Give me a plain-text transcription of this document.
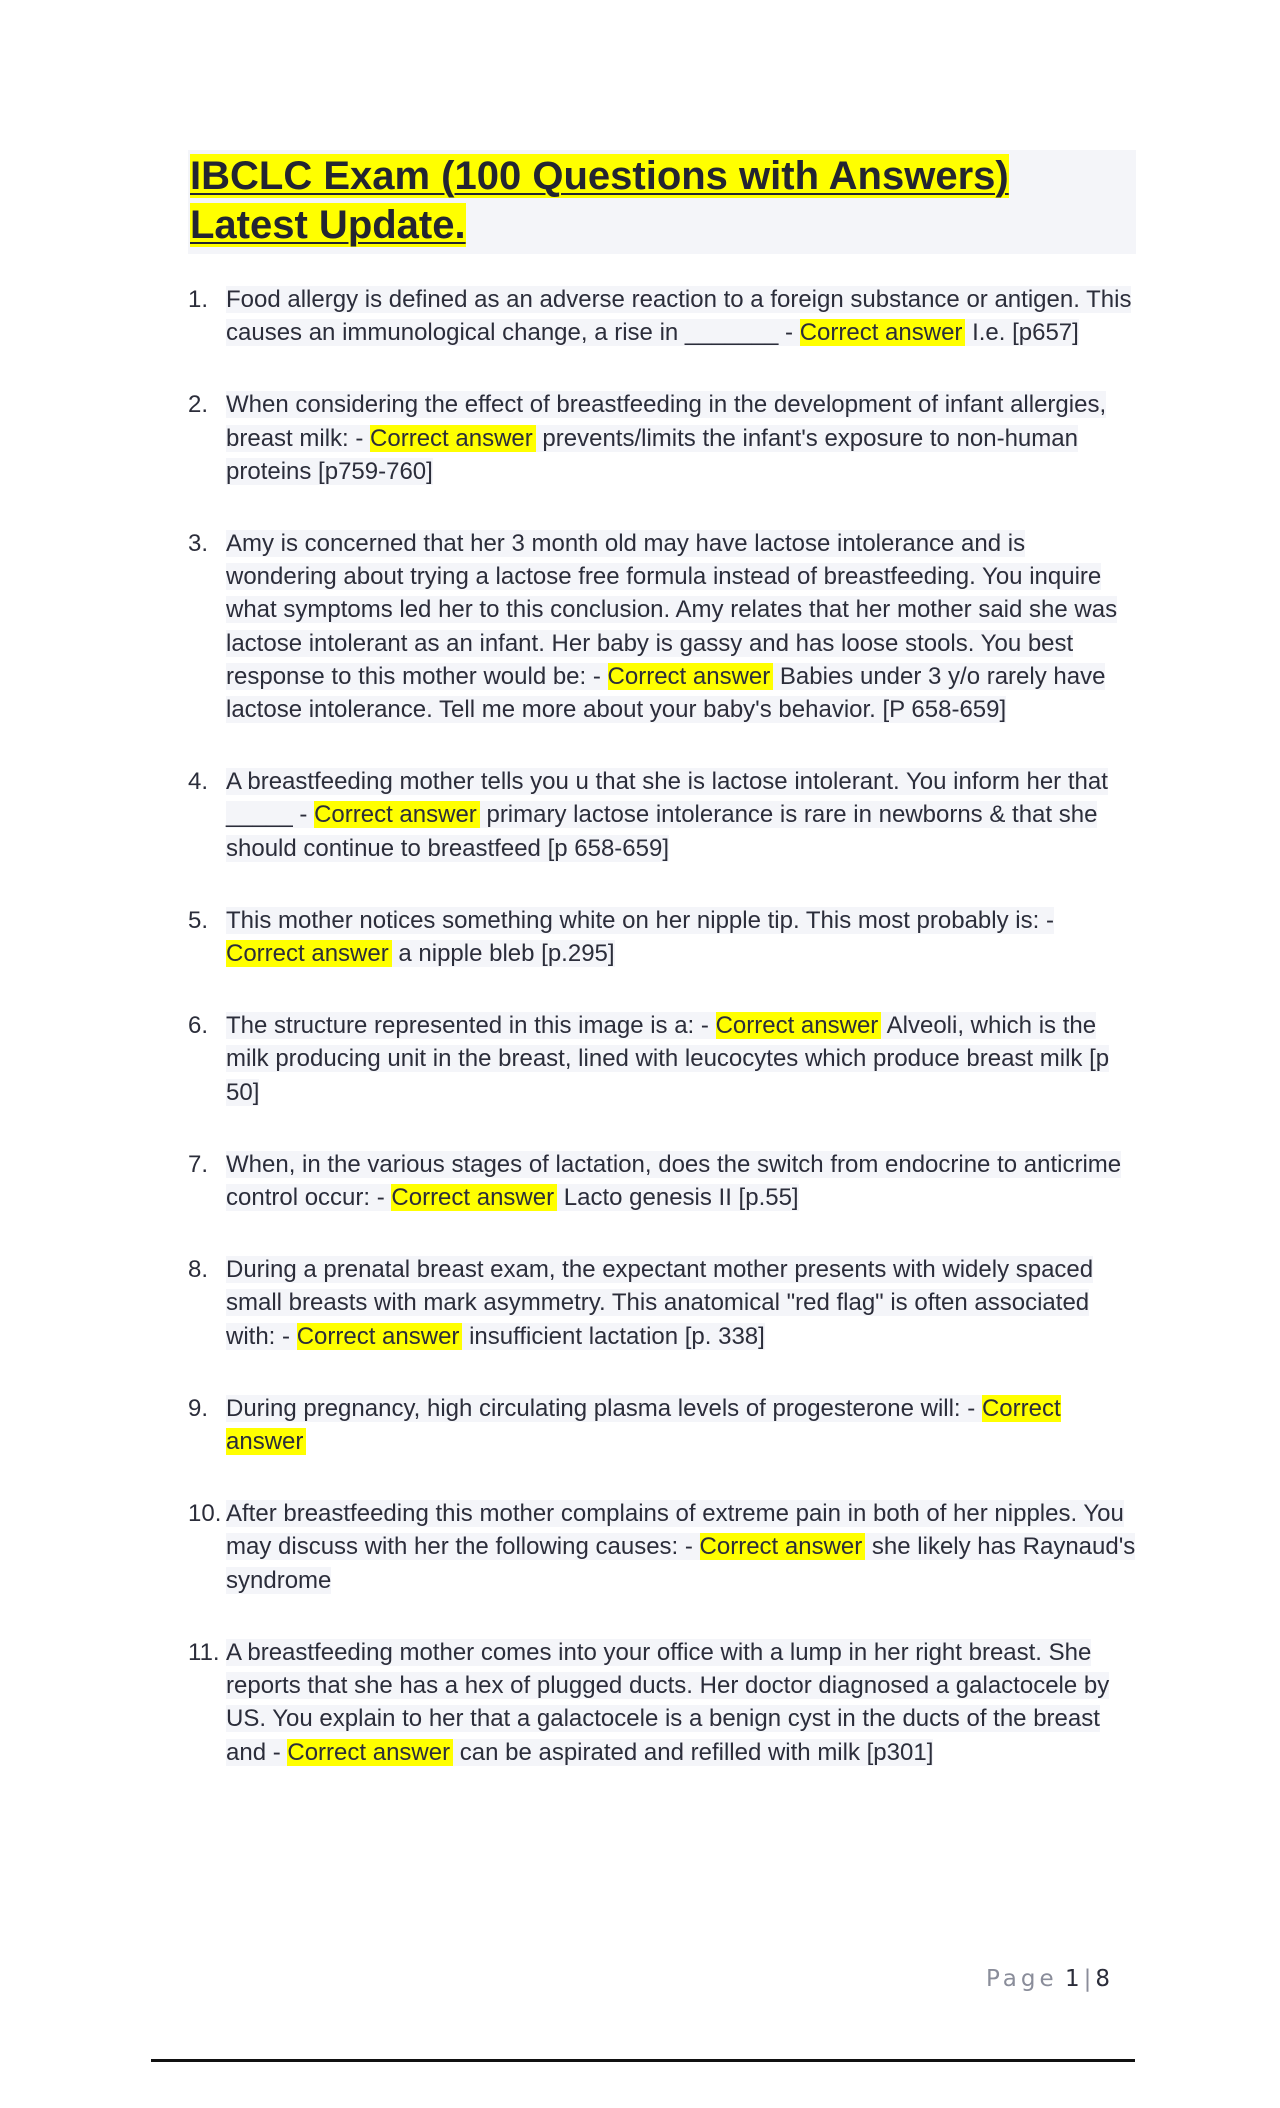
IBCLC Exam (100 Questions with Answers)
Latest Update.
1. Food allergy is defined as an adverse reaction to a foreign substance or antigen. This causes an immunological change, a rise in _______ - Correct answer I.e. [p657]
2. When considering the effect of breastfeeding in the development of infant allergies, breast milk: - Correct answer prevents/limits the infant's exposure to non-human proteins [p759-760]
3. Amy is concerned that her 3 month old may have lactose intolerance and is wondering about trying a lactose free formula instead of breastfeeding. You inquire what symptoms led her to this conclusion. Amy relates that her mother said she was lactose intolerant as an infant. Her baby is gassy and has loose stools. You best response to this mother would be: - Correct answer Babies under 3 y/o rarely have lactose intolerance. Tell me more about your baby's behavior. [P 658-659]
4. A breastfeeding mother tells you u that she is lactose intolerant. You inform her that _____ - Correct answer primary lactose intolerance is rare in newborns & that she should continue to breastfeed [p 658-659]
5. This mother notices something white on her nipple tip. This most probably is: - Correct answer a nipple bleb [p.295]
6. The structure represented in this image is a: - Correct answer Alveoli, which is the milk producing unit in the breast, lined with leucocytes which produce breast milk [p 50]
7. When, in the various stages of lactation, does the switch from endocrine to anticrime control occur: - Correct answer Lacto genesis II [p.55]
8. During a prenatal breast exam, the expectant mother presents with widely spaced small breasts with mark asymmetry. This anatomical "red flag" is often associated with: - Correct answer insufficient lactation [p. 338]
9. During pregnancy, high circulating plasma levels of progesterone will: - Correct answer
10. After breastfeeding this mother complains of extreme pain in both of her nipples. You may discuss with her the following causes: - Correct answer she likely has Raynaud's syndrome
11. A breastfeeding mother comes into your office with a lump in her right breast. She reports that she has a hex of plugged ducts. Her doctor diagnosed a galactocele by US. You explain to her that a galactocele is a benign cyst in the ducts of the breast and - Correct answer can be aspirated and refilled with milk [p301]
Page 1 | 8
